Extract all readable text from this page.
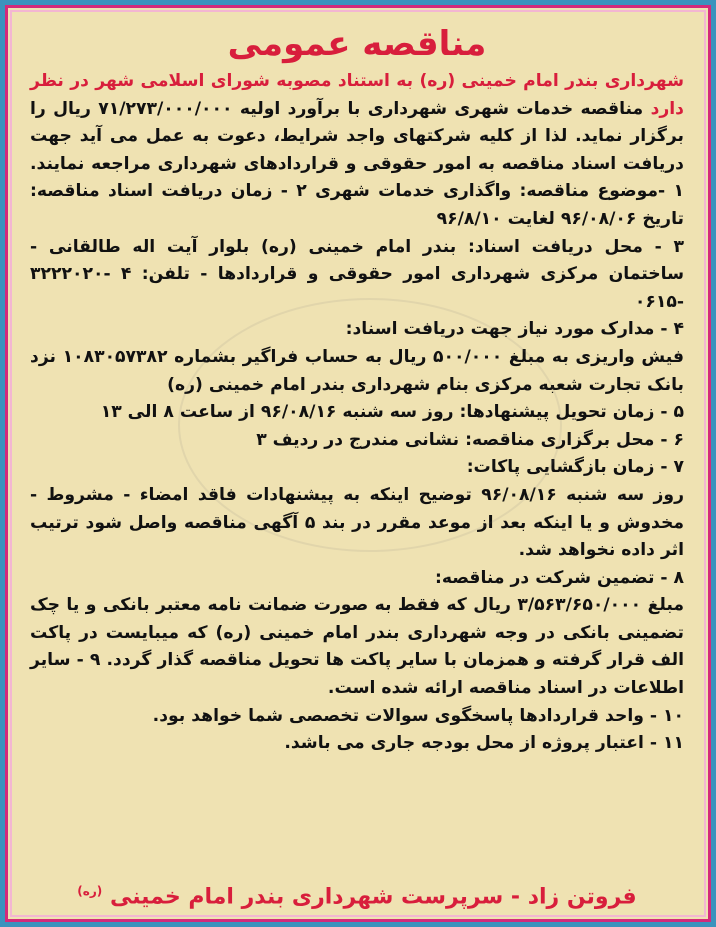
مناقصه عمومی

شهرداری بندر امام خمینی (ره) به استناد مصوبه شورای اسلامی شهر در نظر دارد مناقصه خدمات شهری شهرداری با برآورد اولیه ۷۱/۲۷۳/۰۰۰/۰۰۰ ریال را برگزار نماید. لذا از کلیه شرکتهای واجد شرایط، دعوت به عمل می آید جهت دریافت اسناد مناقصه به امور حقوقی و قراردادهای شهرداری مراجعه نمایند. ۱ -موضوع مناقصه: واگذاری خدمات شهری ۲ - زمان دریافت اسناد مناقصه: تاریخ ۹۶/۰۸/۰۶ لغایت ۹۶/۸/۱۰

۳ - محل دریافت اسناد: بندر امام خمینی (ره) بلوار آیت اله طالقانی - ساختمان مرکزی شهرداری امور حقوقی و قراردادها - تلفن: ۴ -۳۲۲۲۰۲۰ -۰۶۱۵

۴ - مدارک مورد نیاز جهت دریافت اسناد:

فیش واریزی به مبلغ ۵۰۰/۰۰۰ ریال به حساب فراگیر بشماره ۱۰۸۳۰۵۷۳۸۲ نزد بانک تجارت شعبه مرکزی بنام شهرداری بندر امام خمینی (ره)

۵ - زمان تحویل پیشنهادها: روز سه شنبه ۹۶/۰۸/۱۶ از ساعت ۸ الی ۱۳

۶ - محل برگزاری مناقصه: نشانی مندرج در ردیف ۳

۷ - زمان بازگشایی پاکات:

روز سه شنبه ۹۶/۰۸/۱۶ توضیح اینکه به پیشنهادات فاقد امضاء - مشروط - مخدوش و یا اینکه بعد از موعد مقرر در بند ۵ آگهی مناقصه واصل شود ترتیب اثر داده نخواهد شد.

۸ - تضمین شرکت در مناقصه:

مبلغ ۳/۵۶۳/۶۵۰/۰۰۰ ریال که فقط به صورت ضمانت نامه معتبر بانکی و یا چک تضمینی بانکی در وجه شهرداری بندر امام خمینی (ره) که میبایست در پاکت الف قرار گرفته و همزمان با سایر پاکت ها تحویل مناقصه گذار گردد. ۹ - سایر اطلاعات در اسناد مناقصه ارائه شده است.

۱۰ - واحد قراردادها پاسخگوی سوالات تخصصی شما خواهد بود.

۱۱ - اعتبار پروژه از محل بودجه جاری می باشد.

فروتن زاد - سرپرست شهرداری بندر امام خمینی $^{(ره)}$
